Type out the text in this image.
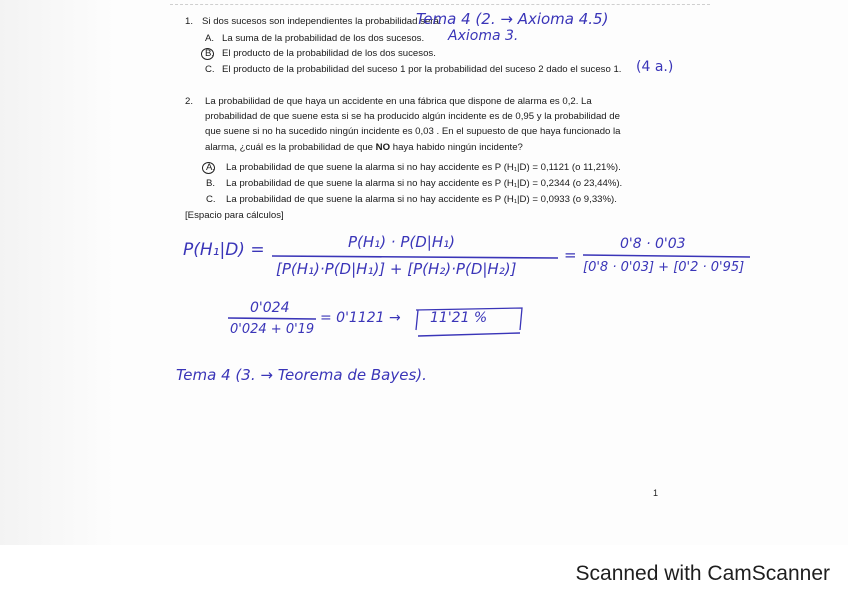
1. Si dos sucesos son independientes la probabilidad será:
Tema 4 (2. → Axioma 4.5)
A. La suma de la probabilidad de los dos sucesos. Axioma 3.
B. El producto de la probabilidad de los dos sucesos.
C. El producto de la probabilidad del suceso 1 por la probabilidad del suceso 2 dado el suceso 1. (4 a.)
2. La probabilidad de que haya un accidente en una fábrica que dispone de alarma es 0,2. La
probabilidad de que suene esta si se ha producido algún incidente es de 0,95 y la probabilidad de
que suene si no ha sucedido ningún incidente es 0,03 . En el supuesto de que haya funcionado la
alarma, ¿cuál es la probabilidad de que NO haya habido ningún incidente?
A. La probabilidad de que suene la alarma si no hay accidente es P (H₁|D) = 0,1121 (o 11,21%).
B. La probabilidad de que suene la alarma si no hay accidente es P (H₁|D) = 0,2344 (o 23,44%).
C. La probabilidad de que suene la alarma si no hay accidente es P (H₁|D) = 0,0933 (o 9,33%).
[Espacio para cálculos]
P(H₁|D) =	P(H₁) · P(D|H₁)
[P(H₁)·P(D|H₁)] + [P(H₂)·P(D|H₂)]
=
0'8 · 0'03
[0'8 · 0'03] + [0'2 · 0'95]
0'024
0'024 + 0'19
= 0'1121 → 11'21 %
Tema 4 (3. → Teorema de Bayes).
1
Scanned with CamScanner
